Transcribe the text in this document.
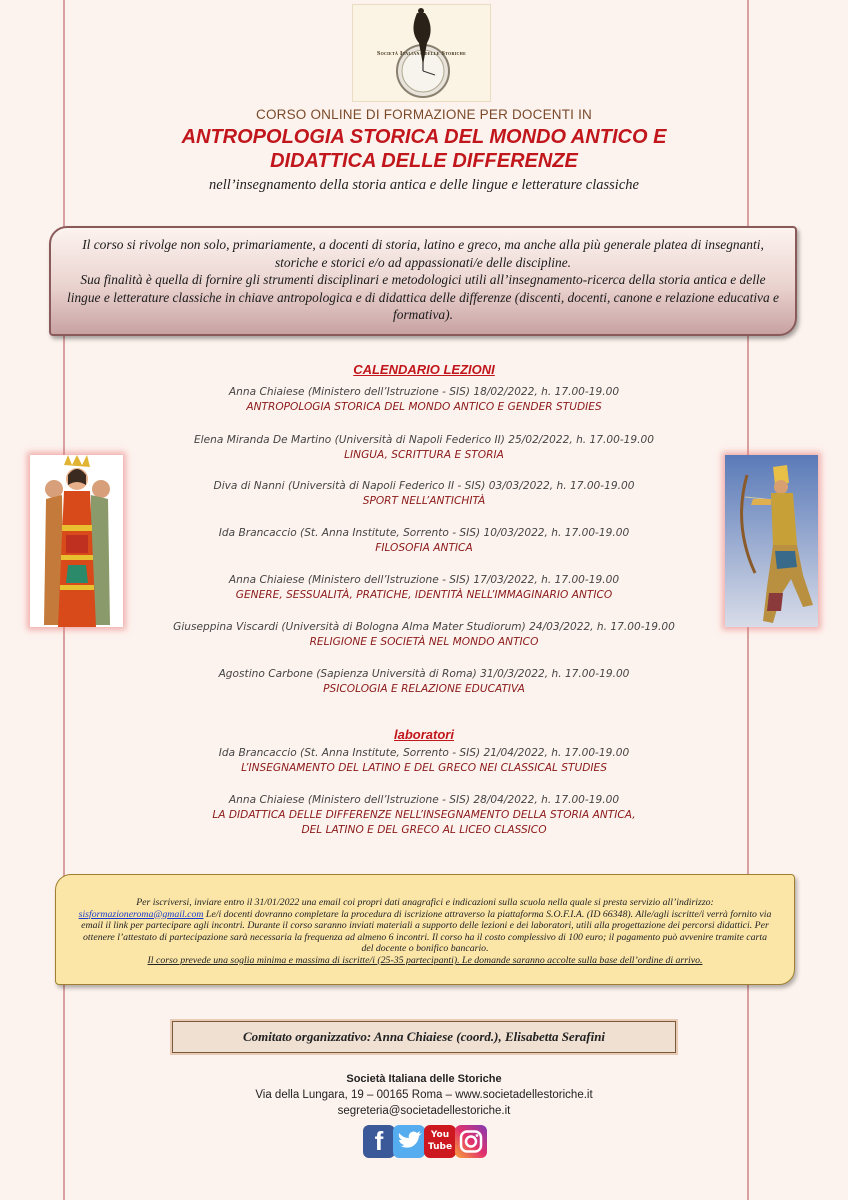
Società Italiana delle Storiche
CORSO ONLINE DI FORMAZIONE PER DOCENTI IN
ANTROPOLOGIA STORICA DEL MONDO ANTICO E
DIDATTICA DELLE DIFFERENZE
nell’insegnamento della storia antica e delle lingue e letterature classiche

Il corso si rivolge non solo, primariamente, a docenti di storia, latino e greco, ma anche alla più generale platea di insegnanti, storiche e storici e/o ad appassionati/e delle discipline.

Sua finalità è quella di fornire gli strumenti disciplinari e metodologici utili all’insegnamento-ricerca della storia antica e delle lingue e letterature classiche in chiave antropologica e di didattica delle differenze (discenti, docenti, canone e relazione educativa e formativa).

CALENDARIO LEZIONI
Anna Chiaiese (Ministero dell’Istruzione - SIS) 18/02/2022, h. 17.00-19.00
ANTROPOLOGIA STORICA DEL MONDO ANTICO E GENDER STUDIES
Elena Miranda De Martino (Università di Napoli Federico II) 25/02/2022, h. 17.00-19.00
LINGUA, SCRITTURA E STORIA
Diva di Nanni (Università di Napoli Federico II - SIS) 03/03/2022, h. 17.00-19.00
SPORT NELL’ANTICHITÀ
Ida Brancaccio (St. Anna Institute, Sorrento - SIS) 10/03/2022, h. 17.00-19.00
FILOSOFIA ANTICA
Anna Chiaiese (Ministero dell’Istruzione - SIS) 17/03/2022, h. 17.00-19.00
GENERE, SESSUALITÀ, PRATICHE, IDENTITÀ NELL’IMMAGINARIO ANTICO
Giuseppina Viscardi (Università di Bologna Alma Mater Studiorum) 24/03/2022, h. 17.00-19.00
RELIGIONE E SOCIETÀ NEL MONDO ANTICO
Agostino Carbone (Sapienza Università di Roma) 31/0/3/2022, h. 17.00-19.00
PSICOLOGIA E RELAZIONE EDUCATIVA
laboratori
Ida Brancaccio (St. Anna Institute, Sorrento - SIS) 21/04/2022, h. 17.00-19.00
L’INSEGNAMENTO DEL LATINO E DEL GRECO NEI CLASSICAL STUDIES
Anna Chiaiese (Ministero dell’Istruzione - SIS) 28/04/2022, h. 17.00-19.00
LA DIDATTICA DELLE DIFFERENZE NELL’INSEGNAMENTO DELLA STORIA ANTICA,
DEL LATINO E DEL GRECO AL LICEO CLASSICO

Per iscriversi, inviare entro il 31/01/2022 una email coi propri dati anagrafici e indicazioni sulla scuola nella quale si presta servizio all’indirizzo: sisformazioneroma@gmail.com Le/i docenti dovranno completare la procedura di iscrizione attraverso la piattaforma S.O.F.I.A. (ID 66348). Alle/agli iscritte/i verrà fornito via email il link per partecipare agli incontri. Durante il corso saranno inviati materiali a supporto delle lezioni e dei laboratori, utili alla progettazione dei percorsi didattici. Per ottenere l’attestato di partecipazione sarà necessaria la frequenza ad almeno 6 incontri. Il corso ha il costo complessivo di 100 euro; il pagamento può avvenire tramite carta del docente o bonifico bancario.

Il corso prevede una soglia minima e massima di iscritte/i (25-35 partecipanti). Le domande saranno accolte sulla base dell’ordine di arrivo.

Comitato organizzativo: Anna Chiaiese (coord.), Elisabetta Serafini
Società Italiana delle Storiche
Via della Lungara, 19 – 00165 Roma – www.societadellestoriche.it
segreteria@societadellestoriche.it
f	You
Tube
